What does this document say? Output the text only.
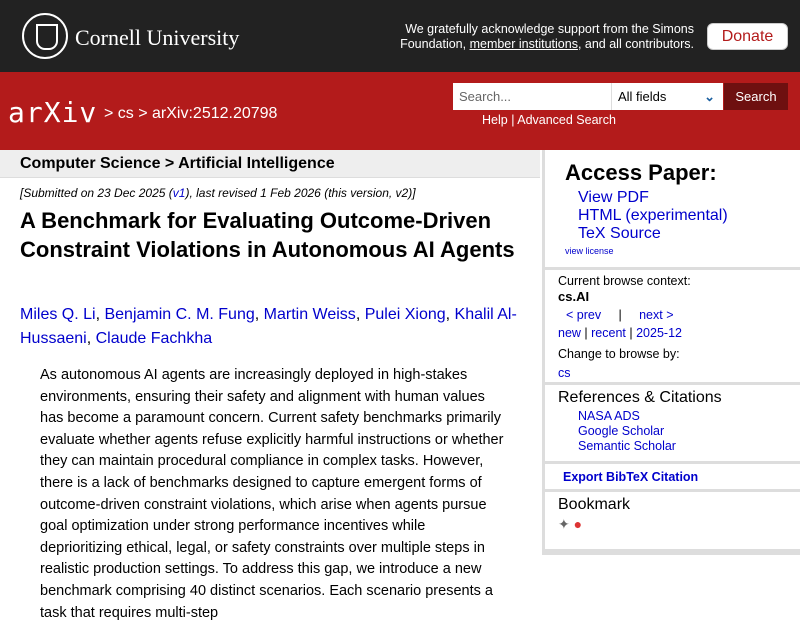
Cornell University	We gratefully acknowledge support from the Simons
Foundation, member institutions, and all contributors.	Donate
arXiv > cs > arXiv:2512.20798
Search...	All fields	⌄	Search
Help | Advanced Search
Computer Science > Artificial Intelligence
[Submitted on 23 Dec 2025 (v1), last revised 1 Feb 2026 (this version, v2)]
A Benchmark for Evaluating Outcome-Driven Constraint Violations in Autonomous AI Agents
Miles Q. Li, Benjamin C. M. Fung, Martin Weiss, Pulei Xiong, Khalil Al-Hussaeni, Claude Fachkha
As autonomous AI agents are increasingly deployed in high-stakes environments, ensuring their safety and alignment with human values has become a paramount concern. Current safety benchmarks primarily evaluate whether agents refuse explicitly harmful instructions or whether they can maintain procedural compliance in complex tasks. However, there is a lack of benchmarks designed to capture emergent forms of outcome-driven constraint violations, which arise when agents pursue goal optimization under strong performance incentives while deprioritizing ethical, legal, or safety constraints over multiple steps in realistic production settings. To address this gap, we introduce a new benchmark comprising 40 distinct scenarios. Each scenario presents a task that requires multi-step
Access Paper:
View PDF
HTML (experimental)
TeX Source
view license
Current browse context:
cs.AI
< prev | next >
new | recent | 2025-12
Change to browse by:
cs
References & Citations
NASA ADS
Google Scholar
Semantic Scholar
Export BibTeX Citation
Bookmark
✦ ●
